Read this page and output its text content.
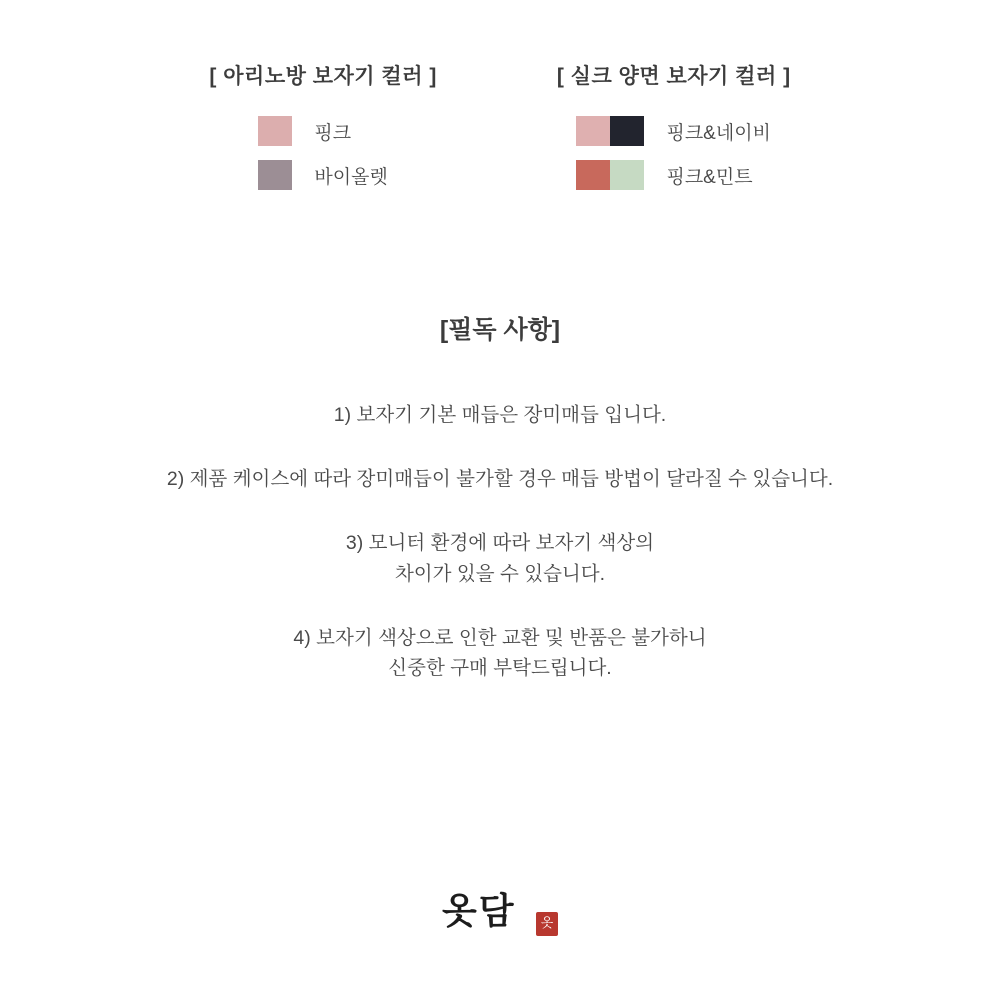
[ 아리노방 보자기 컬러 ]
핑크
바이올렛
[ 실크 양면 보자기 컬러 ]
핑크&네이비
핑크&민트
[필독 사항]
1) 보자기 기본 매듭은 장미매듭 입니다.
2) 제품 케이스에 따라 장미매듭이 불가할 경우 매듭 방법이 달라질 수 있습니다.
3) 모니터 환경에 따라 보자기 색상의
차이가 있을 수 있습니다.
4) 보자기 색상으로 인한 교환 및 반품은 불가하니
신중한 구매 부탁드립니다.
옷담	옷
